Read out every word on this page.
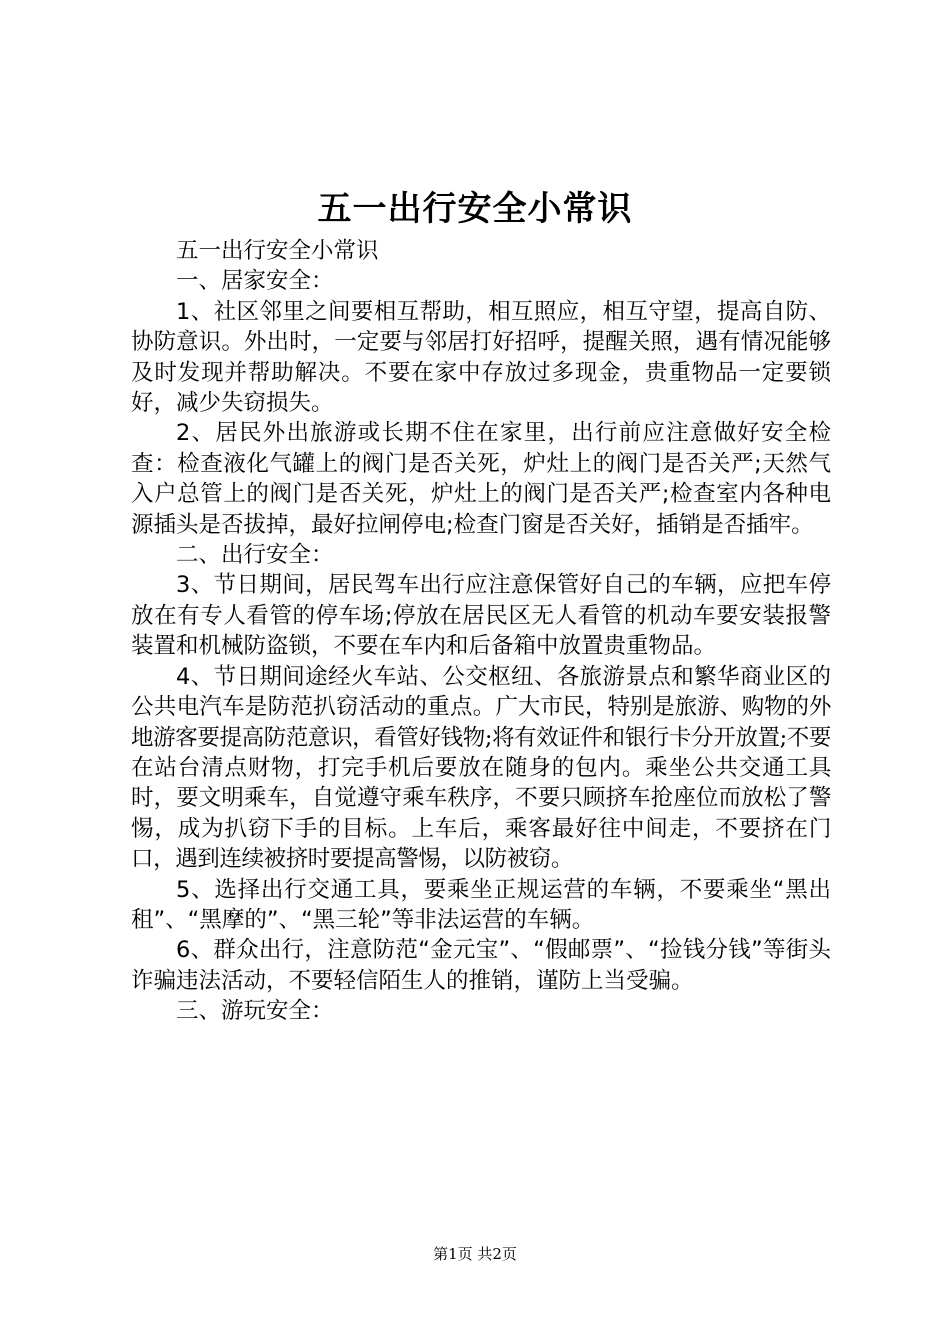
五一出行安全小常识

五一出行安全小常识

一、居家安全：

1、社区邻里之间要相互帮助，相互照应，相互守望，提高自防、协防意识。外出时，一定要与邻居打好招呼，提醒关照，遇有情况能够及时发现并帮助解决。不要在家中存放过多现金，贵重物品一定要锁好，减少失窃损失。

2、居民外出旅游或长期不住在家里，出行前应注意做好安全检查：检查液化气罐上的阀门是否关死，炉灶上的阀门是否关严;天然气入户总管上的阀门是否关死，炉灶上的阀门是否关严;检查室内各种电源插头是否拔掉，最好拉闸停电;检查门窗是否关好，插销是否插牢。

二、出行安全：

3、节日期间，居民驾车出行应注意保管好自己的车辆，应把车停放在有专人看管的停车场;停放在居民区无人看管的机动车要安装报警装置和机械防盗锁，不要在车内和后备箱中放置贵重物品。

4、节日期间途经火车站、公交枢纽、各旅游景点和繁华商业区的公共电汽车是防范扒窃活动的重点。广大市民，特别是旅游、购物的外地游客要提高防范意识，看管好钱物;将有效证件和银行卡分开放置;不要在站台清点财物，打完手机后要放在随身的包内。乘坐公共交通工具时，要文明乘车，自觉遵守乘车秩序，不要只顾挤车抢座位而放松了警惕，成为扒窃下手的目标。上车后，乘客最好往中间走，不要挤在门口，遇到连续被挤时要提高警惕，以防被窃。

5、选择出行交通工具，要乘坐正规运营的车辆，不要乘坐“黑出租”、“黑摩的”、“黑三轮”等非法运营的车辆。

6、群众出行，注意防范“金元宝”、“假邮票”、“捡钱分钱”等街头诈骗违法活动，不要轻信陌生人的推销，谨防上当受骗。

三、游玩安全：

第1页 共2页
